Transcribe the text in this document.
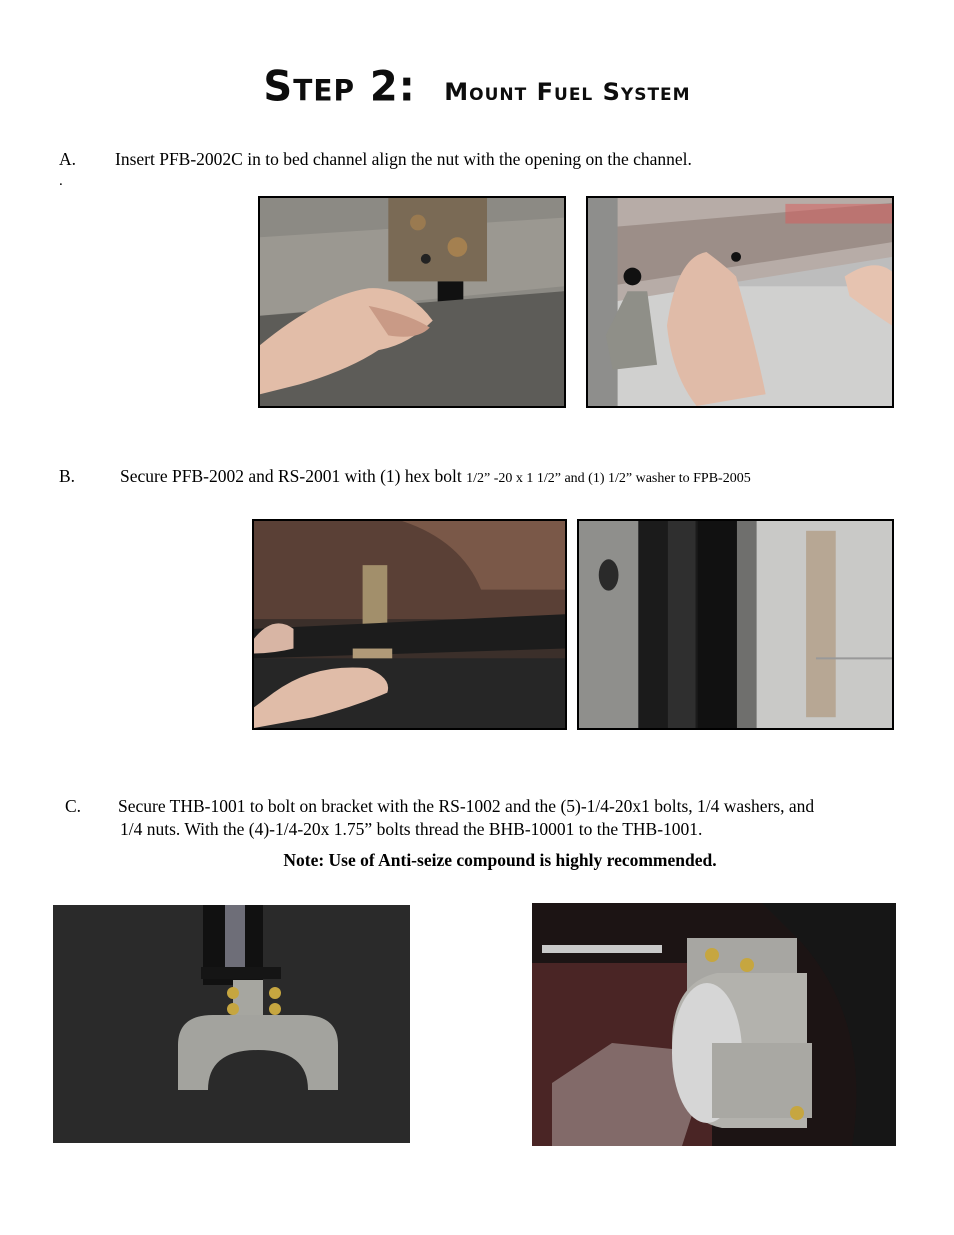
Step 2: Mount Fuel System
A. Insert PFB-2002C in to bed channel align the nut with the opening on the channel.
.
B.	Secure PFB-2002 and RS-2001 with (1) hex bolt 1/2” -20 x 1 1/2” and (1) 1/2” washer to FPB-2005
C. Secure THB-1001 to bolt on bracket with the RS-1002 and the (5)-1/4-20x1 bolts, 1/4 washers, and
1/4 nuts. With the (4)-1/4-20x 1.75” bolts thread the BHB-10001 to the THB-1001.
Note: Use of Anti-seize compound is highly recommended.
